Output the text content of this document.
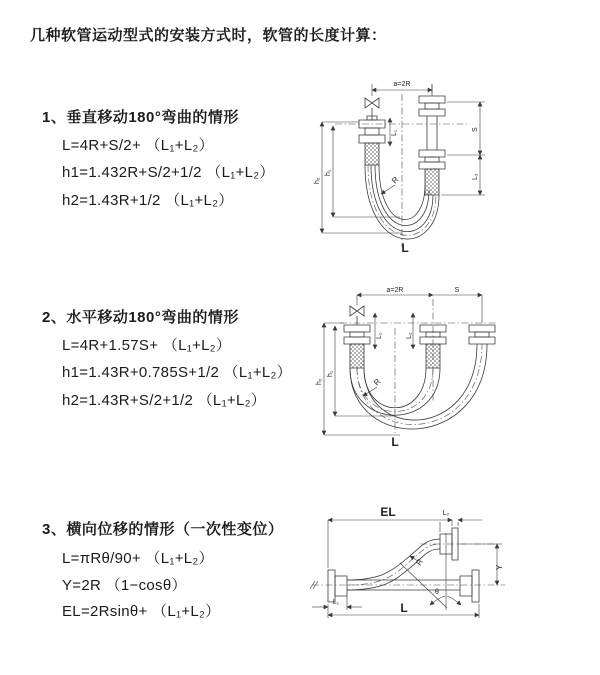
几种软管运动型式的安装方式时，软管的长度计算：
1、垂直移动180°弯曲的情形
L=4R+S/2+ （L₁+L₂）
h1=1.432R+S/2+1/2 （L₁+L₂）
h2=1.43R+1/2 （L₁+L₂）
2、水平移动180°弯曲的情形
L=4R+1.57S+ （L₁+L₂）
h1=1.43R+0.785S+1/2 （L₁+L₂）
h2=1.43R+S/2+1/2 （L₁+L₂）
3、横向位移的情形（一次性变位）
L=πRθ/90+ （L₁+L₂）
Y=2R （1−cosθ）
EL=2Rsinθ+ （L₁+L₂）
a=2R
S
L₂
L₁
h₂
h₁
R
L
a=2R	S
L₁	L₂
h₂
h₁
R
L
EL	L₂
Y
θ
R
L₁	L
